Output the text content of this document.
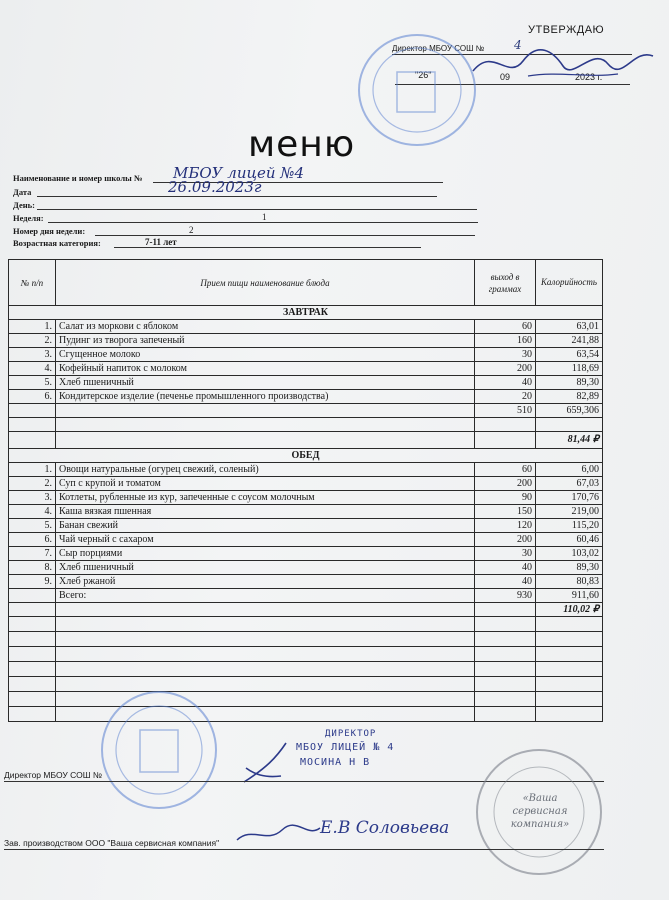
УТВЕРЖДАЮ
Директор МБОУ СОШ № 4
"26"	09	2023 г.
меню
Наименование и номер школы № МБОУ лицей №4
Дата	26.09.2023г
День:
Неделя:	1
Номер дня недели:	2
Возрастная категория:	7-11 лет
№ п/п	Прием пищи наименование блюда	выход в граммах	Калорийность
ЗАВТРАК			
1.	Салат из моркови с яблоком	60	63,01
2.	Пудинг из творога запеченый	160	241,88
3.	Сгущенное молоко	30	63,54
4.	Кофейный напиток с молоком	200	118,69
5.	Хлеб пшеничный	40	89,30
6.	Кондитерское изделие (печенье промышленного производства)	20	82,89
		510	659,306

			81,44 ₽
ОБЕД			
1.	Овощи натуральные (огурец свежий, соленый)	60	6,00
2.	Суп с крупой и томатом	200	67,03
3.	Котлеты, рубленные из кур, запеченные с соусом молочным	90	170,76
4.	Каша вязкая пшенная	150	219,00
5.	Банан свежий	120	115,20
6.	Чай черный с сахаром	200	60,46
7.	Сыр порциями	30	103,02
8.	Хлеб пшеничный	40	89,30
9.	Хлеб ржаной	40	80,83
	Всего:	930	911,60
			110,02 ₽

ДИРЕКТОР
МБОУ ЛИЦЕЙ № 4
МОСИНА Н В
Директор МБОУ СОШ №
«Ваша сервисная компания»
Е.В Соловьева
Зав. производством ООО "Ваша сервисная компания"
